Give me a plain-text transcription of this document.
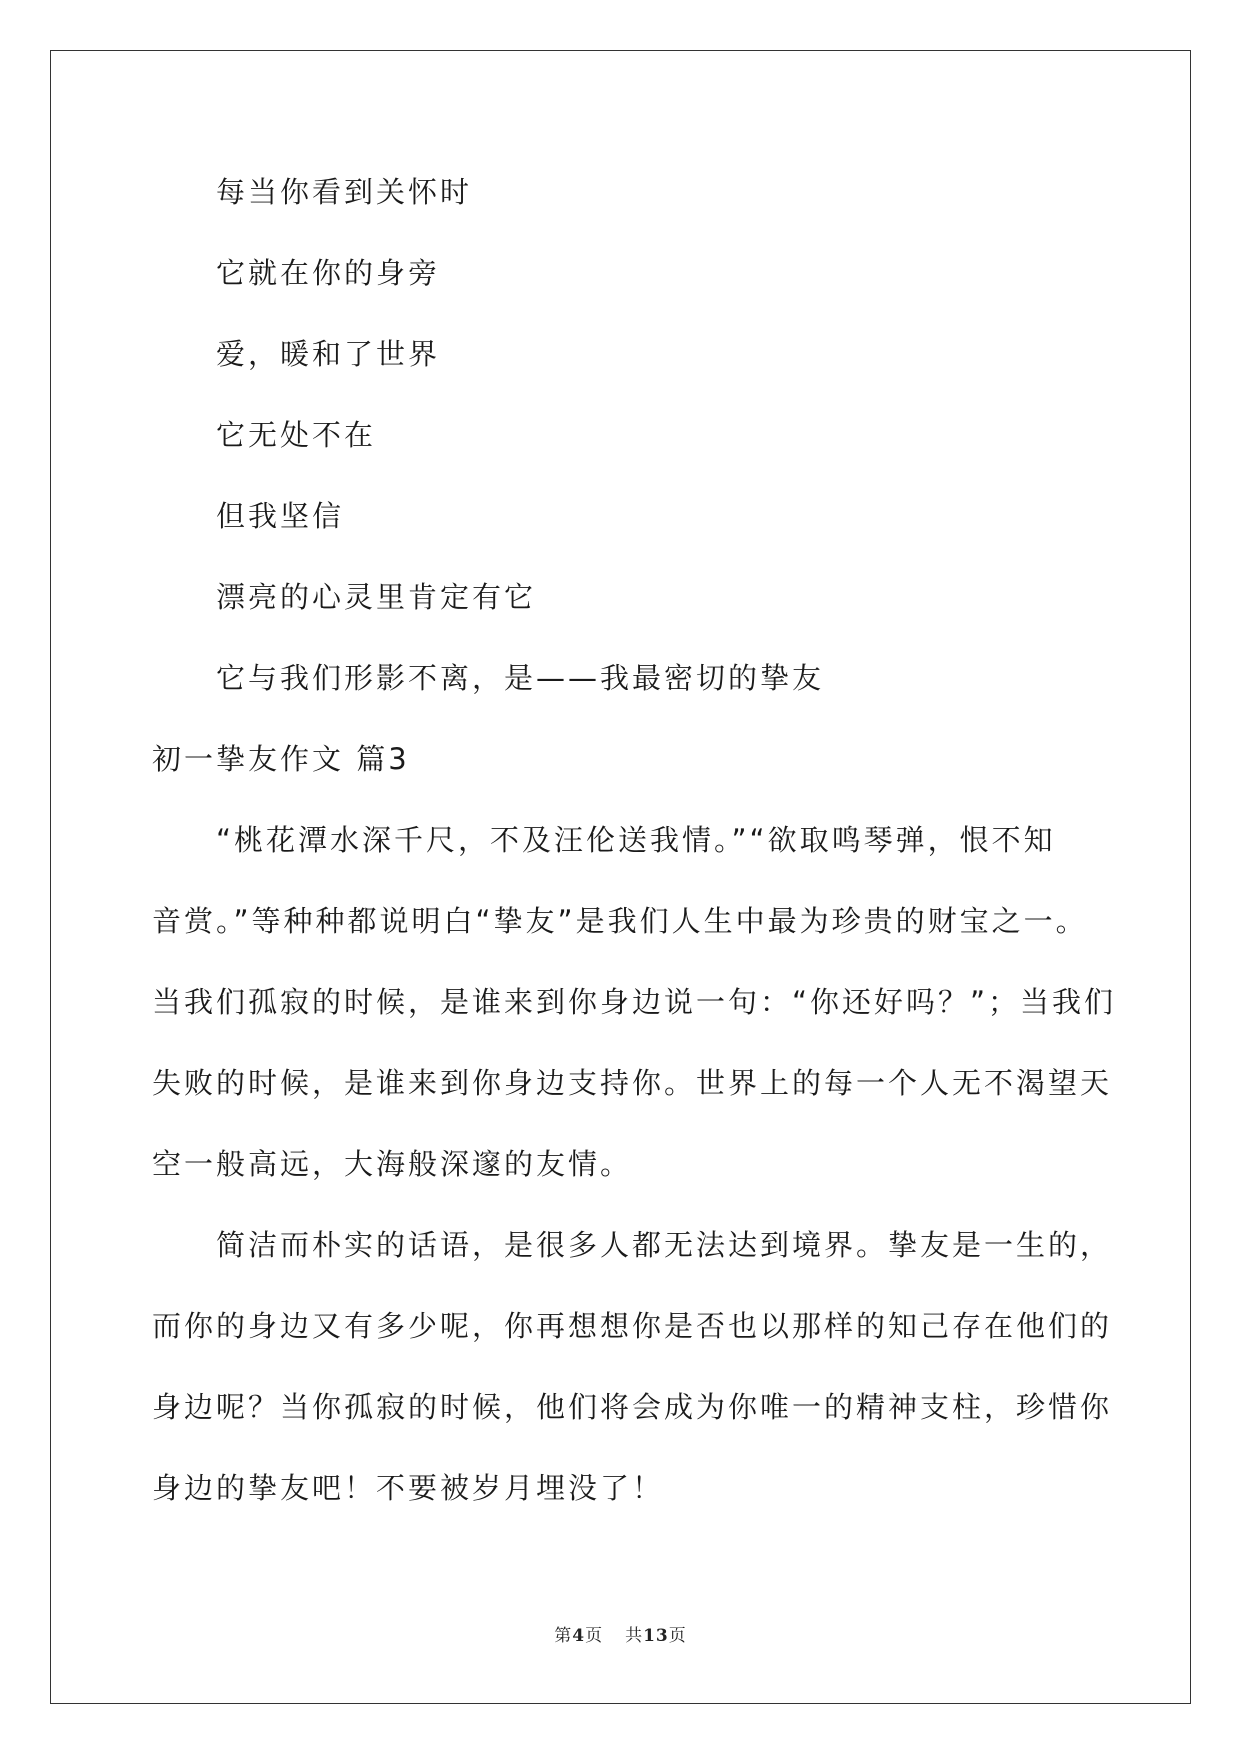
每当你看到关怀时
它就在你的身旁
爱，暖和了世界
它无处不在
但我坚信
漂亮的心灵里肯定有它
它与我们形影不离，是——我最密切的挚友
初一挚友作文 篇3
“桃花潭水深千尺，不及汪伦送我情。”“欲取鸣琴弹，恨不知
音赏。”等种种都说明白“挚友”是我们人生中最为珍贵的财宝之一。
当我们孤寂的时候，是谁来到你身边说一句：“你还好吗？”；当我们
失败的时候，是谁来到你身边支持你。世界上的每一个人无不渴望天
空一般高远，大海般深邃的友情。
简洁而朴实的话语，是很多人都无法达到境界。挚友是一生的，
而你的身边又有多少呢，你再想想你是否也以那样的知己存在他们的
身边呢？当你孤寂的时候，他们将会成为你唯一的精神支柱，珍惜你
身边的挚友吧！不要被岁月埋没了！
第4页 共13页
